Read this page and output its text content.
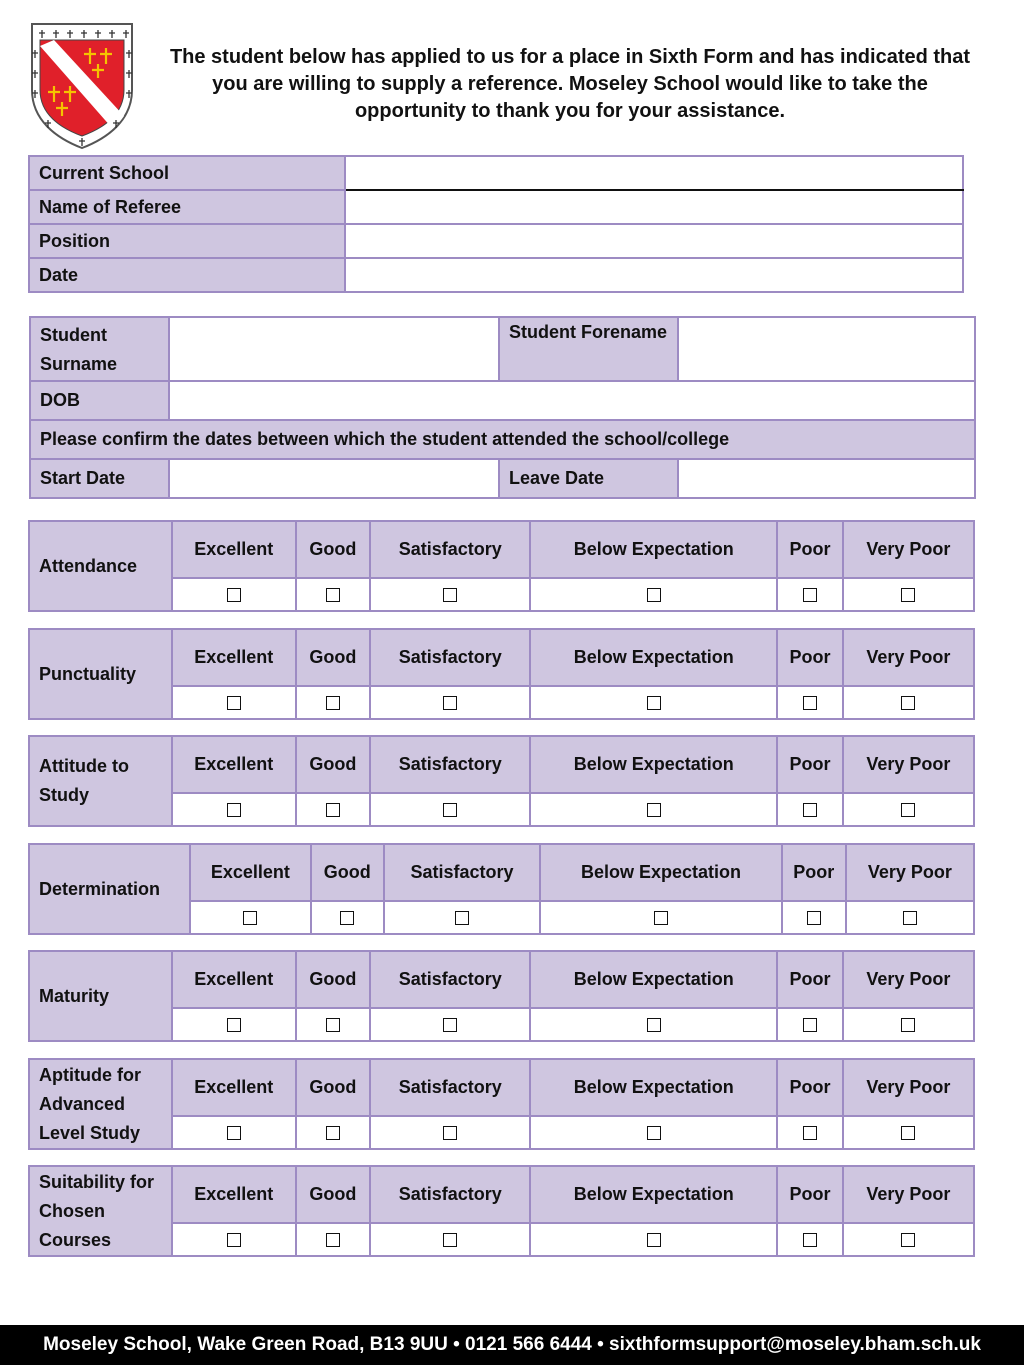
The student below has applied to us for a place in Sixth Form and has indicated that you are willing to supply a reference. Moseley School would like to take the opportunity to thank you for your assistance.
Current School	
Name of Referee	
Position	
Date	
Student Surname		Student Forename	
DOB			
Please confirm the dates between which the student attended the school/college			
Start Date		Leave Date	
Attendance	Excellent	Good	Satisfactory	Below Expectation	Poor	Very Poor

Punctuality	Excellent	Good	Satisfactory	Below Expectation	Poor	Very Poor

Attitude to Study	Excellent	Good	Satisfactory	Below Expectation	Poor	Very Poor

Determination	Excellent	Good	Satisfactory	Below Expectation	Poor	Very Poor

Maturity	Excellent	Good	Satisfactory	Below Expectation	Poor	Very Poor

Aptitude for Advanced Level Study	Excellent	Good	Satisfactory	Below Expectation	Poor	Very Poor

Suitability for Chosen Courses	Excellent	Good	Satisfactory	Below Expectation	Poor	Very Poor

Moseley School, Wake Green Road, B13 9UU • 0121 566 6444 • sixthformsupport@moseley.bham.sch.uk
